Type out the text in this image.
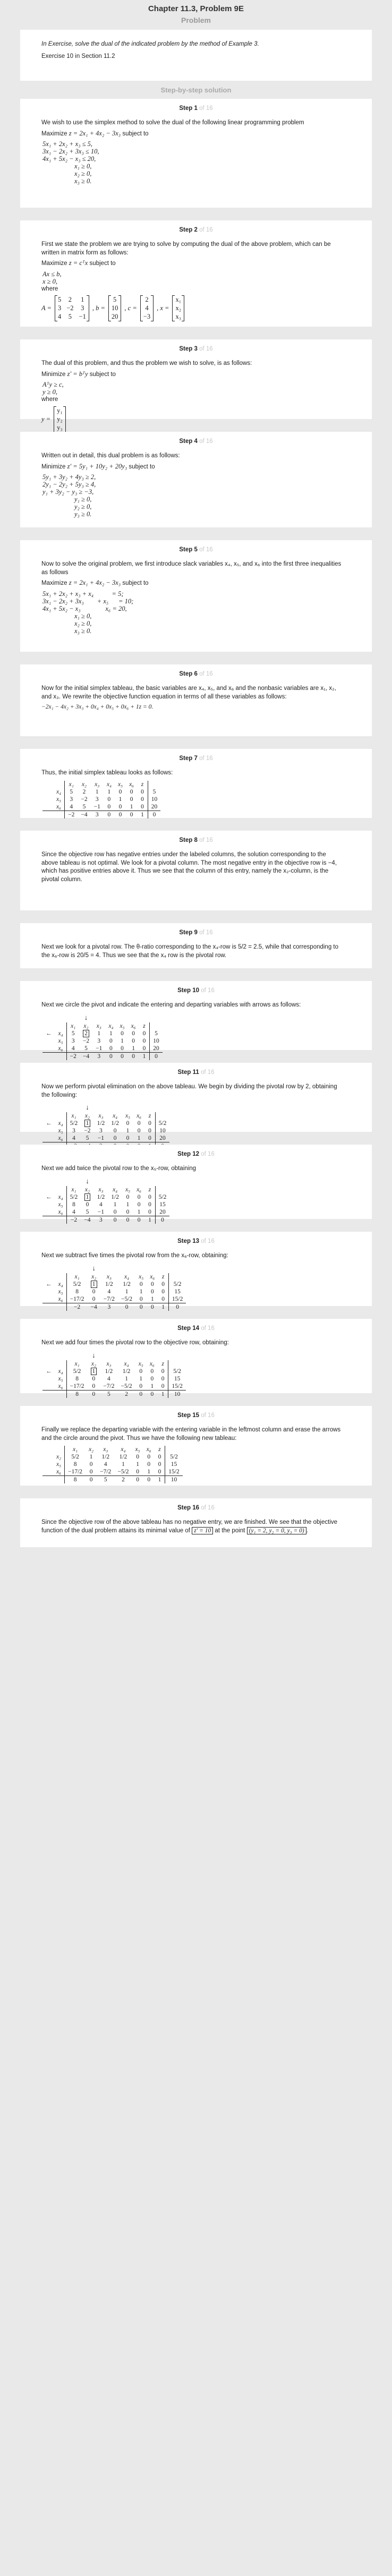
Chapter 11.3, Problem 9E
Problem

In Exercise, solve the dual of the indicated problem by the method of Example 3.

Exercise 10 in Section 11.2

Step-by-step solution
Step 1 of 16

We wish to use the simplex method to solve the dual of the following linear programming problem

Maximize z = 2x₁ + 4x₂ − 3x₃ subject to

5x₁ + 2x₂ + x₃ ≤ 5,
3x₁ − 2x₂ + 3x₃ ≤ 10,
4x₁ + 5x₂ − x₃ ≤ 20,
x₁ ≥ 0,
x₂ ≥ 0,
x₃ ≥ 0.
Step 2 of 16

First we state the problem we are trying to solve by computing the dual of the above problem, which can be written in matrix form as follows:

Maximize z = cᵀx subject to

Ax ≤ b,
x ≥ 0,

where

A =
5 2 1
3 −2 3
4 5 −1
, b =
5
10
20
, c =
2
4
−3
, x =
x₁
x₂
x₃
Step 3 of 16

The dual of this problem, and thus the problem we wish to solve, is as follows:

Minimize z′ = bᵀy subject to

Aᵀy ≥ c,
y ≥ 0,

where

y =
y₁
y₂
y₃
Step 4 of 16

Written out in detail, this dual problem is as follows:

Minimize z′ = 5y₁ + 10y₂ + 20y₃ subject to

5y₁ + 3y₂ + 4y₃ ≥ 2,
2y₁ − 2y₂ + 5y₃ ≥ 4,
y₁ + 3y₂ − y₃ ≥ −3,
y₁ ≥ 0,
y₂ ≥ 0,
y₃ ≥ 0.
Step 5 of 16

Now to solve the original problem, we first introduce slack variables x₄, x₅, and x₆ into the first three inequalities as follows

Maximize z = 2x₁ + 4x₂ − 3x₃ subject to

5x₁ + 2x₂ + x₃ + x₄           = 5;
3x₁ − 2x₂ + 3x₃        + x₅      = 10;
4x₁ + 5x₂ − x₃               x₆ = 20,
x₁ ≥ 0,
x₂ ≥ 0,
x₃ ≥ 0.
Step 6 of 16

Now for the initial simplex tableau, the basic variables are x₄, x₅, and x₆ and the nonbasic variables are x₁, x₂, and x₃. We rewrite the objective function equation in terms of all these variables as follows:

−2x₁ − 4x₂ + 3x₃ + 0x₄ + 0x₅ + 0x₆ + 1z = 0.

Step 7 of 16

Thus, the initial simplex tableau looks as follows:

		x₁	x₂	x₃	x₄	x₅	x₆	z	
	x₄	5	2	1	1	0	0	0	5
	x₅	3	−2	3	0	1	0	0	10
	x₆	4	5	−1	0	0	1	0	20
		−2	−4	3	0	0	0	1	0
Step 8 of 16

Since the objective row has negative entries under the labeled columns, the solution corresponding to the above tableau is not optimal. We look for a pivotal column. The most negative entry in the objective row is −4, which has positive entries above it. Thus we see that the column of this entry, namely the x₂-column, is the pivotal column.

Step 9 of 16

Next we look for a pivotal row. The θ-ratio corresponding to the x₄-row is 5/2 = 2.5, while that corresponding to the x₆-row is 20/5 = 4. Thus we see that the x₄ row is the pivotal row.

Step 10 of 16

Next we circle the pivot and indicate the entering and departing variables with arrows as follows:

			↓						
		x₁	x₂	x₃	x₄	x₅	x₆	z	
←	x₄	5	2	1	1	0	0	0	5
	x₅	3	−2	3	0	1	0	0	10
	x₆	4	5	−1	0	0	1	0	20
		−2	−4	3	0	0	0	1	0
Step 11 of 16

Now we perform pivotal elimination on the above tableau. We begin by dividing the pivotal row by 2, obtaining the following:

			↓						
		x₁	x₂	x₃	x₄	x₅	x₆	z	
←	x₄	5/2	1	1/2	1/2	0	0	0	5/2
	x₅	3	−2	3	0	1	0	0	10
	x₆	4	5	−1	0	0	1	0	20

Step 12 of 16

Next we add twice the pivotal row to the x₅-row, obtaining

			↓						
		x₁	x₂	x₃	x₄	x₅	x₆	z	
←	x₄	5/2	1	1/2	1/2	0	0	0	5/2
	x₅	8	0	4	1	1	0	0	15
	x₆	4	5	−1	0	0	1	0	20
		−2	−4	3	0	0	0	1	0
Step 13 of 16

Next we subtract five times the pivotal row from the x₆-row, obtaining:

			↓						
		x₁	x₂	x₃	x₄	x₅	x₆	z	
←	x₄	5/2	1	1/2	1/2	0	0	0	5/2
	x₅	8	0	4	1	1	0	0	15
	x₆	−17/2	0	−7/2	−5/2	0	1	0	15/2
		−2	−4	3	0	0	0	1	0
Step 14 of 16

Next we add four times the pivotal row to the objective row, obtaining:

			↓						
		x₁	x₂	x₃	x₄	x₅	x₆	z	
←	x₄	5/2	1	1/2	1/2	0	0	0	5/2
	x₅	8	0	4	1	1	0	0	15
	x₆	−17/2	0	−7/2	−5/2	0	1	0	15/2
		8	0	5	2	0	0	1	10
Step 15 of 16

Finally we replace the departing variable with the entering variable in the leftmost column and erase the arrows and the circle around the pivot. Thus we have the following new tableau:

		x₁	x₂	x₃	x₄	x₅	x₆	z	
	x₂	5/2	1	1/2	1/2	0	0	0	5/2
	x₅	8	0	4	1	1	0	0	15
	x₆	−17/2	0	−7/2	−5/2	0	1	0	15/2
		8	0	5	2	0	0	1	10
Step 16 of 16

Since the objective row of the above tableau has no negative entry, we are finished. We see that the objective function of the dual problem attains its minimal value of z′ = 10 at the point (y₁ = 2, y₂ = 0, y₃ = 0) .
